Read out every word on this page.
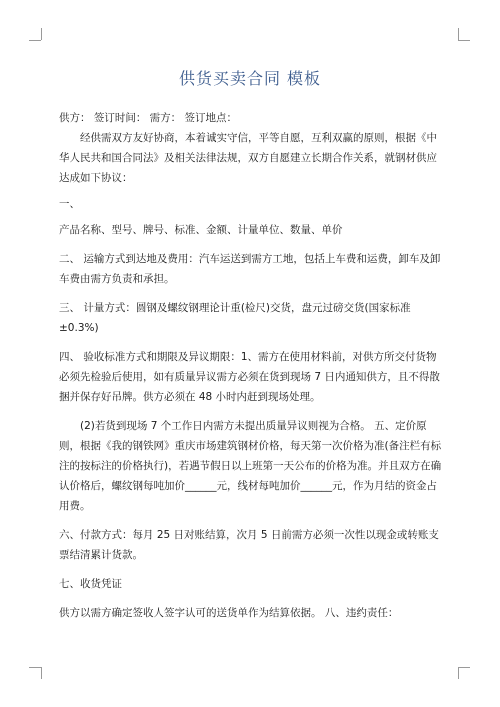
供货买卖合同 模板

供方： 签订时间： 需方： 签订地点：

经供需双方友好协商，本着诚实守信，平等自愿，互利双赢的原则，根据《中华人民共和国合同法》及相关法律法规，双方自愿建立长期合作关系，就钢材供应达成如下协议：

一、

产品名称、型号、牌号、标准、金额、计量单位、数量、单价

二、 运输方式到达地及费用：汽车运送到需方工地，包括上车费和运费，卸车及卸车费由需方负责和承担。

三、 计量方式：圆钢及螺纹钢理论计重(检尺)交货，盘元过磅交货(国家标准±0.3%)

四、 验收标准方式和期限及异议期限：1、需方在使用材料前，对供方所交付货物必须先检验后使用，如有质量异议需方必须在货到现场 7 日内通知供方，且不得散捆并保存好吊牌。供方必须在 48 小时内赶到现场处理。

(2)若货到现场 7 个工作日内需方未提出质量异议则视为合格。 五、定价原则，根据《我的钢铁网》重庆市场建筑钢材价格，每天第一次价格为准(备注栏有标注的按标注的价格执行)，若遇节假日以上班第一天公布的价格为准。并且双方在确认价格后，螺纹钢每吨加价______元，线材每吨加价______元，作为月结的资金占用费。

六、付款方式：每月 25 日对账结算，次月 5 日前需方必须一次性以现金或转账支票结清累计货款。

七、收货凭证

供方以需方确定签收人签字认可的送货单作为结算依据。 八、违约责任：
